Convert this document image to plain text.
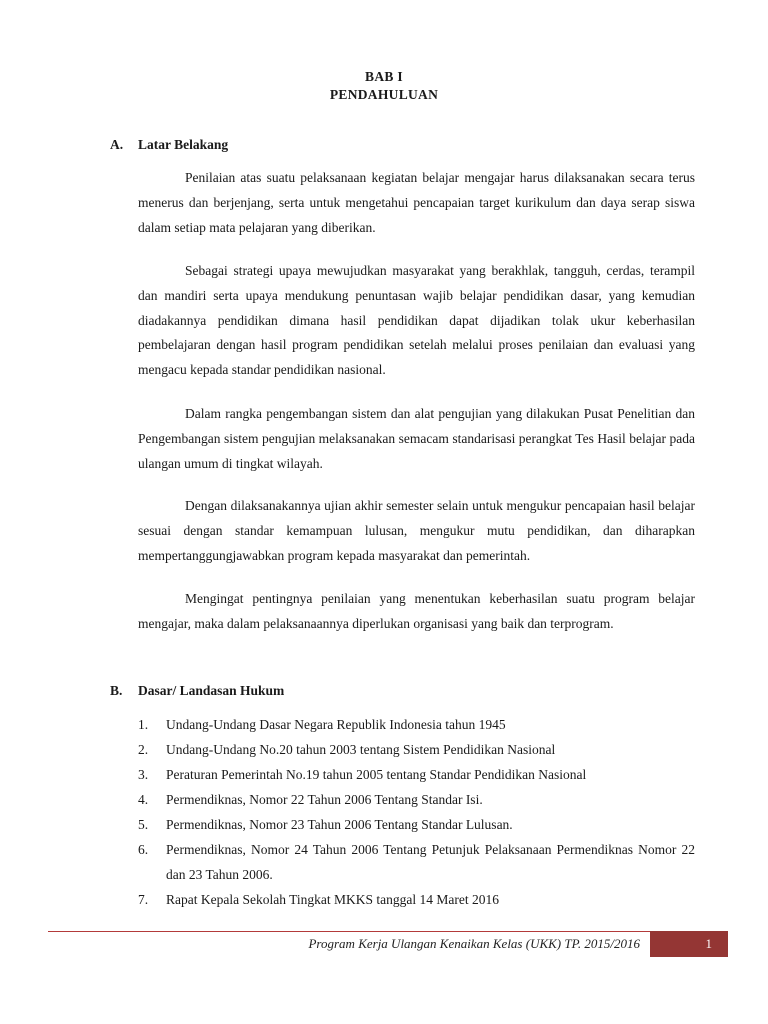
BAB I
PENDAHULUAN
A. Latar Belakang

Penilaian atas suatu pelaksanaan kegiatan belajar mengajar harus dilaksanakan secara terus menerus dan berjenjang, serta untuk mengetahui pencapaian target kurikulum dan daya serap siswa dalam setiap mata pelajaran yang diberikan.

Sebagai strategi upaya mewujudkan masyarakat yang berakhlak, tangguh, cerdas, terampil dan mandiri serta upaya mendukung penuntasan wajib belajar pendidikan dasar, yang kemudian diadakannya pendidikan dimana hasil pendidikan dapat dijadikan tolak ukur keberhasilan pembelajaran dengan hasil program pendidikan setelah melalui proses penilaian dan evaluasi yang mengacu kepada standar pendidikan nasional.

Dalam rangka pengembangan sistem dan alat pengujian yang dilakukan Pusat Penelitian dan Pengembangan sistem pengujian melaksanakan semacam standarisasi perangkat Tes Hasil belajar pada ulangan umum di tingkat wilayah.

Dengan dilaksanakannya ujian akhir semester selain untuk mengukur pencapaian hasil belajar sesuai dengan standar kemampuan lulusan, mengukur mutu pendidikan, dan diharapkan mempertanggungjawabkan program kepada masyarakat dan pemerintah.

Mengingat pentingnya penilaian yang menentukan keberhasilan suatu program belajar mengajar, maka dalam pelaksanaannya diperlukan organisasi yang baik dan terprogram.

B. Dasar/ Landasan Hukum
1. Undang-Undang Dasar Negara Republik Indonesia tahun 1945
2. Undang-Undang No.20 tahun 2003 tentang Sistem Pendidikan Nasional
3. Peraturan Pemerintah No.19 tahun 2005 tentang Standar Pendidikan Nasional
4. Permendiknas, Nomor 22 Tahun 2006 Tentang Standar Isi.
5. Permendiknas, Nomor 23 Tahun 2006 Tentang Standar Lulusan.
6. Permendiknas, Nomor 24 Tahun 2006 Tentang Petunjuk Pelaksanaan Permendiknas Nomor 22 dan 23 Tahun 2006.
7. Rapat Kepala Sekolah Tingkat MKKS tanggal 14 Maret 2016
Program Kerja Ulangan Kenaikan Kelas (UKK) TP. 2015/2016	1
